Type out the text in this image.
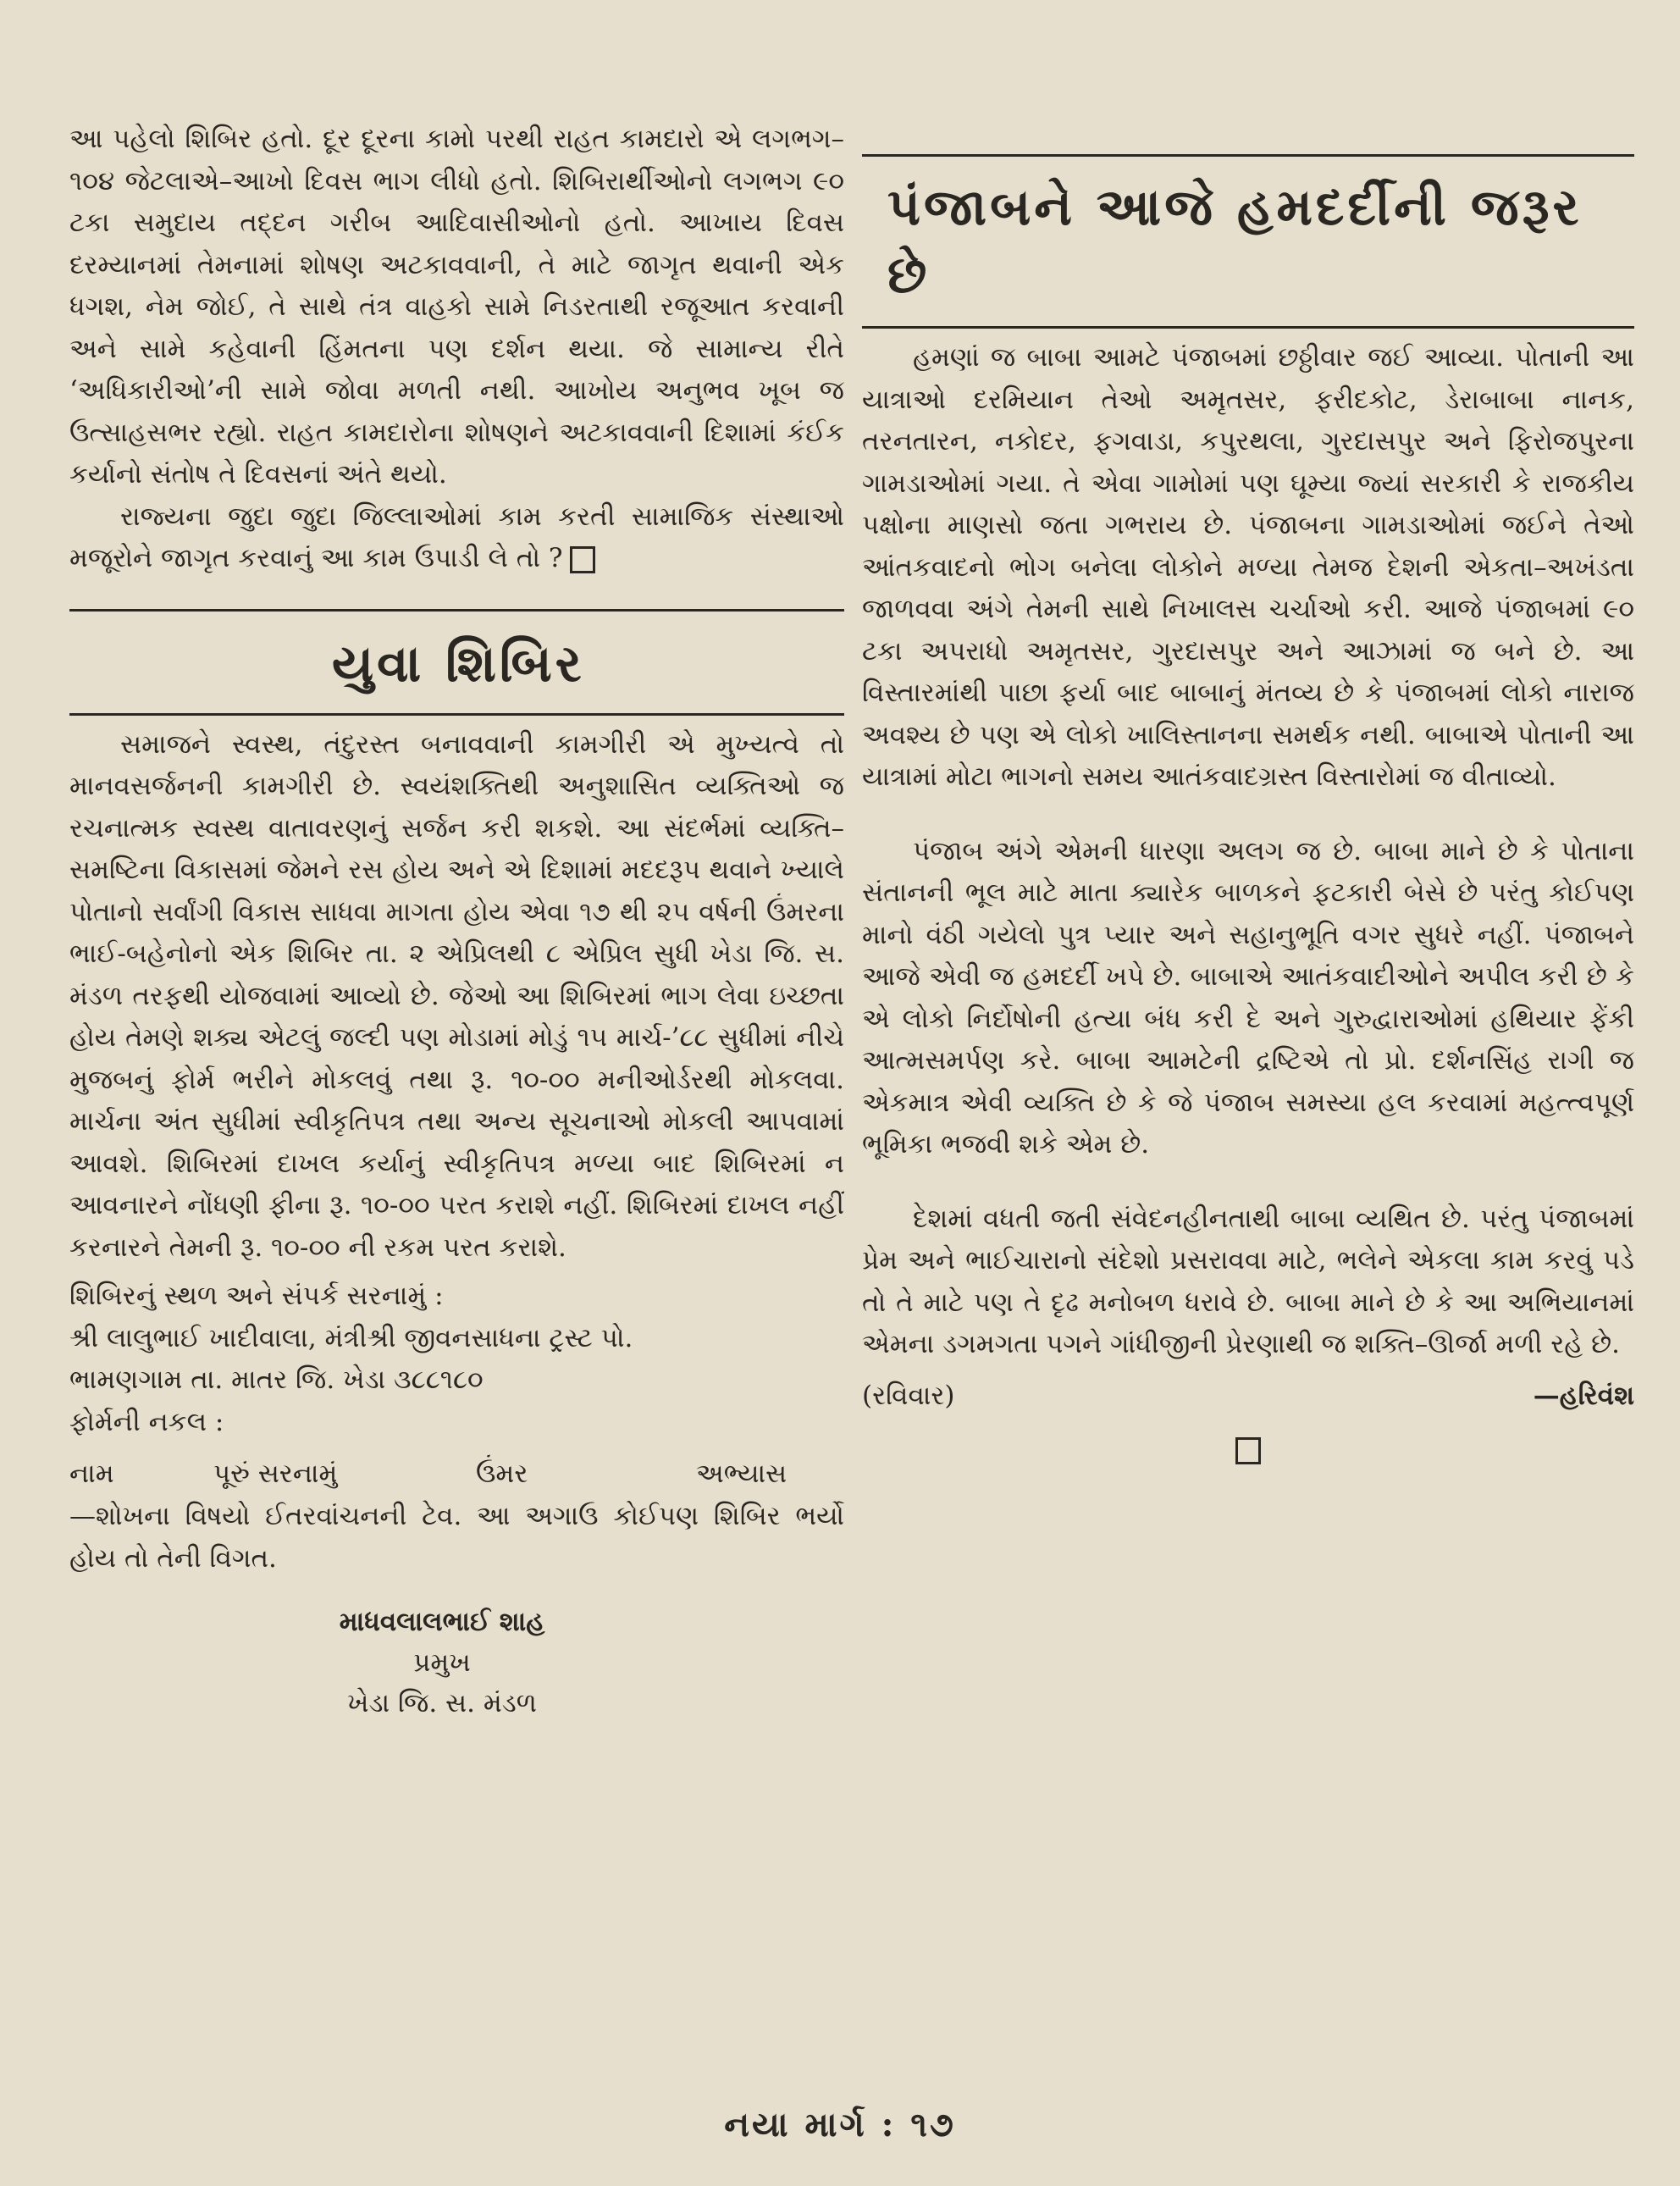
આ પહેલો શિબિર હતો. દૂર દૂરના કામો પરથી રાહત કામદારો એ લગભગ–૧૦૪ જેટલાએ–આખો દિવસ ભાગ લીધો હતો. શિબિરાર્થીઓનો લગભગ ૯૦ ટકા સમુદાય તદ્દન ગરીબ આદિવાસીઓનો હતો. આખાય દિવસ દરમ્યાનમાં તેમનામાં શોષણ અટકાવવાની, તે માટે જાગૃત થવાની એક ધગશ, નેમ જોઈ, તે સાથે તંત્ર વાહકો સામે નિડરતાથી રજૂઆત કરવાની અને સામે કહેવાની હિંમતના પણ દર્શન થયા. જે સામાન્ય રીતે ‘અધિકારીઓ’ની સામે જોવા મળતી નથી. આખોય અનુભવ ખૂબ જ ઉત્સાહસભર રહ્યો. રાહત કામદારોના શોષણને અટકાવવાની દિશામાં કંઈક કર્યાનો સંતોષ તે દિવસનાં અંતે થયો.

રાજ્યના જુદા જુદા જિલ્લાઓમાં કામ કરતી સામાજિક સંસ્થાઓ મજૂરોને જાગૃત કરવાનું આ કામ ઉપાડી લે તો ?

યુવા શિબિર

સમાજને સ્વસ્થ, તંદુરસ્ત બનાવવાની કામગીરી એ મુખ્યત્વે તો માનવસર્જનની કામગીરી છે. સ્વયંશક્તિથી અનુશાસિત વ્યક્તિઓ જ રચનાત્મક સ્વસ્થ વાતાવરણનું સર્જન કરી શકશે. આ સંદર્ભમાં વ્યક્તિ–સમષ્ટિના વિકાસમાં જેમને રસ હોય અને એ દિશામાં મદદરૂપ થવાને ખ્યાલે પોતાનો સર્વાંગી વિકાસ સાધવા માગતા હોય એવા ૧૭ થી ૨૫ વર્ષની ઉંમરના ભાઈ-બહેનોનો એક શિબિર તા. ૨ એપ્રિલથી ૮ એપ્રિલ સુધી ખેડા જિ. સ. મંડળ તરફથી યોજવામાં આવ્યો છે. જેઓ આ શિબિરમાં ભાગ લેવા ઇચ્છતા હોય તેમણે શક્ય એટલું જલ્દી પણ મોડામાં મોડું ૧૫ માર્ચ-’૮૮ સુધીમાં નીચે મુજબનું ફોર્મ ભરીને મોકલવું તથા રૂ. ૧૦-૦૦ મનીઓર્ડરથી મોકલવા. માર્ચના અંત સુધીમાં સ્વીકૃતિપત્ર તથા અન્ય સૂચનાઓ મોકલી આપવામાં આવશે. શિબિરમાં દાખલ કર્યાનું સ્વીકૃતિપત્ર મળ્યા બાદ શિબિરમાં ન આવનારને નોંધણી ફીના રૂ. ૧૦-૦૦ પરત કરાશે નહીં. શિબિરમાં દાખલ નહીં કરનારને તેમની રૂ. ૧૦-૦૦ ની રકમ પરત કરાશે.

શિબિરનું સ્થળ અને સંપર્ક સરનામું :

શ્રી લાલુભાઈ ખાદીવાલા, મંત્રીશ્રી જીવનસાધના ટ્રસ્ટ પો.

ભામણગામ તા. માતર જિ. ખેડા ૩૮૮૧૮૦

ફોર્મની નકલ :

નામ	પૂરું સરનામું	ઉંમર	અભ્યાસ

—શોખના વિષયો ઈતરવાંચનની ટેવ. આ અગાઉ કોઈપણ શિબિર ભર્યો હોય તો તેની વિગત.

માધવલાલભાઈ શાહ
પ્રમુખ
ખેડા જિ. સ. મંડળ
પંજાબને આજે હમદર્દીની જરૂર છે

હમણાં જ બાબા આમટે પંજાબમાં છઠ્ઠીવાર જઈ આવ્યા. પોતાની આ યાત્રાઓ દરમિયાન તેઓ અમૃતસર, ફરીદકોટ, ડેરાબાબા નાનક, તરનતારન, નકોદર, ફગવાડા, કપુરથલા, ગુરદાસપુર અને ફિરોજપુરના ગામડાઓમાં ગયા. તે એવા ગામોમાં પણ ઘૂમ્યા જ્યાં સરકારી કે રાજકીય પક્ષોના માણસો જતા ગભરાય છે. પંજાબના ગામડાઓમાં જઈને તેઓ આંતકવાદનો ભોગ બનેલા લોકોને મળ્યા તેમજ દેશની એકતા–અખંડતા જાળવવા અંગે તેમની સાથે નિખાલસ ચર્ચાઓ કરી. આજે પંજાબમાં ૯૦ ટકા અપરાધો અમૃતસર, ગુરદાસપુર અને આઝામાં જ બને છે. આ વિસ્તારમાંથી પાછા ફર્યા બાદ બાબાનું મંતવ્ય છે કે પંજાબમાં લોકો નારાજ અવશ્ય છે પણ એ લોકો ખાલિસ્તાનના સમર્થક નથી. બાબાએ પોતાની આ યાત્રામાં મોટા ભાગનો સમય આતંકવાદગ્રસ્ત વિસ્તારોમાં જ વીતાવ્યો.

પંજાબ અંગે એમની ધારણા અલગ જ છે. બાબા માને છે કે પોતાના સંતાનની ભૂલ માટે માતા ક્યારેક બાળકને ફટકારી બેસે છે પરંતુ કોઈપણ માનો વંઠી ગયેલો પુત્ર પ્યાર અને સહાનુભૂતિ વગર સુધરે નહીં. પંજાબને આજે એવી જ હમદર્દી ખપે છે. બાબાએ આતંકવાદીઓને અપીલ કરી છે કે એ લોકો નિર્દોષોની હત્યા બંધ કરી દે અને ગુરુદ્વારાઓમાં હથિયાર ફેંકી આત્મસમર્પણ કરે. બાબા આમટેની દ્રષ્ટિએ તો પ્રો. દર્શનસિંહ રાગી જ એકમાત્ર એવી વ્યક્તિ છે કે જે પંજાબ સમસ્યા હલ કરવામાં મહત્ત્વપૂર્ણ ભૂમિકા ભજવી શકે એમ છે.

દેશમાં વધતી જતી સંવેદનહીનતાથી બાબા વ્યથિત છે. પરંતુ પંજાબમાં પ્રેમ અને ભાઈચારાનો સંદેશો પ્રસરાવવા માટે, ભલેને એકલા કામ કરવું પડે તો તે માટે પણ તે દૃઢ મનોબળ ધરાવે છે. બાબા માને છે કે આ અભિયાનમાં એમના ડગમગતા પગને ગાંધીજીની પ્રેરણાથી જ શક્તિ–ઊર્જા મળી રહે છે.

(રવિવાર)	—હરિવંશ
નયા માર્ગ : ૧૭
